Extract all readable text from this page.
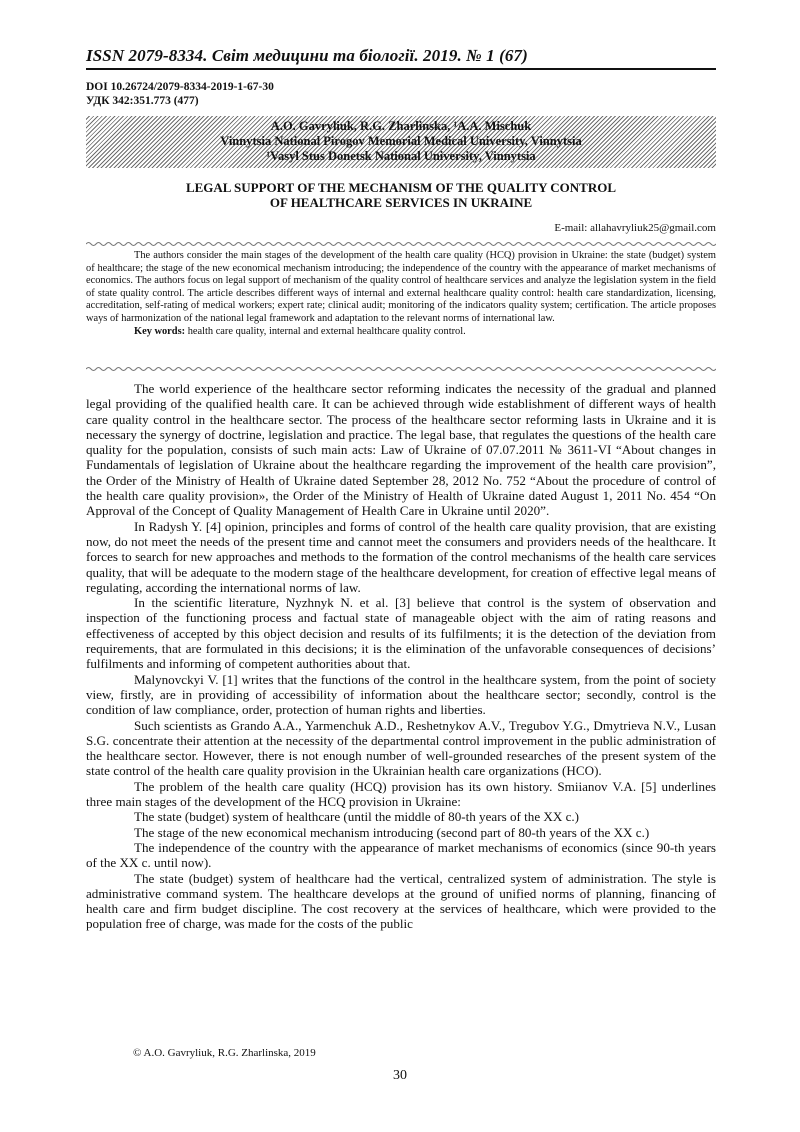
ISSN 2079-8334. Світ медицини та біології. 2019. № 1 (67)
DOI 10.26724/2079-8334-2019-1-67-30
УДК 342:351.773 (477)
A.O. Gavryliuk, R.G. Zharlinska, ¹A.A. Mischuk
Vinnytsia National Pirogov Memorial Medical University, Vinnytsia
¹Vasyl Stus Donetsk National University, Vinnytsia
LEGAL SUPPORT OF THE MECHANISM OF THE QUALITY CONTROL
OF HEALTHCARE SERVICES IN UKRAINE
E-mail: allahavryliuk25@gmail.com

The authors consider the main stages of the development of the health care quality (HCQ) provision in Ukraine: the state (budget) system of healthcare; the stage of the new economical mechanism introducing; the independence of the country with the appearance of market mechanisms of economics. The authors focus on legal support of mechanism of the quality control of healthcare services and analyze the legislation system in the field of state quality control. The article describes different ways of internal and external healthcare quality control: health care standardization, licensing, accreditation, self-rating of medical workers; expert rate; clinical audit; monitoring of the indicators quality system; certification. The article proposes ways of harmonization of the national legal framework and adaptation to the relevant norms of international law.

Key words: health care quality, internal and external healthcare quality control.

The world experience of the healthcare sector reforming indicates the necessity of the gradual and planned legal providing of the qualified health care. It can be achieved through wide establishment of different ways of health care quality control in the healthcare sector. The process of the healthcare sector reforming lasts in Ukraine and it is necessary the synergy of doctrine, legislation and practice. The legal base, that regulates the questions of the health care quality for the population, consists of such main acts: Law of Ukraine of 07.07.2011 № 3611-VI “About changes in Fundamentals of legislation of Ukraine about the healthcare regarding the improvement of the health care provision”, the Order of the Ministry of Health of Ukraine dated September 28, 2012 No. 752 “About the procedure of control of the health care quality provision», the Order of the Ministry of Health of Ukraine dated August 1, 2011 No. 454 “On Approval of the Concept of Quality Management of Health Care in Ukraine until 2020”.

In Radysh Y. [4] opinion, principles and forms of control of the health care quality provision, that are existing now, do not meet the needs of the present time and cannot meet the consumers and providers needs of the healthcare. It forces to search for new approaches and methods to the formation of the control mechanisms of the health care services quality, that will be adequate to the modern stage of the healthcare development, for creation of effective legal means of regulating, according the international norms of law.

In the scientific literature, Nyzhnyk N. et al. [3] believe that control is the system of observation and inspection of the functioning process and factual state of manageable object with the aim of rating reasons and effectiveness of accepted by this object decision and results of its fulfilments; it is the detection of the deviation from requirements, that are formulated in this decisions; it is the elimination of the unfavorable consequences of decisions’ fulfilments and informing of competent authorities about that.

Malynovckyi V. [1] writes that the functions of the control in the healthcare system, from the point of society view, firstly, are in providing of accessibility of information about the healthcare sector; secondly, control is the condition of law compliance, order, protection of human rights and liberties.

Such scientists as Grando A.A., Yarmenchuk A.D., Reshetnykov A.V., Tregubov Y.G., Dmytrieva N.V., Lusan S.G. concentrate their attention at the necessity of the departmental control improvement in the public administration of the healthcare sector. However, there is not enough number of well-grounded researches of the present system of the state control of the health care quality provision in the Ukrainian health care organizations (HCO).

The problem of the health care quality (HCQ) provision has its own history. Smiianov V.A. [5] underlines three main stages of the development of the HCQ provision in Ukraine:

The state (budget) system of healthcare (until the middle of 80-th years of the XX c.)

The stage of the new economical mechanism introducing (second part of 80-th years of the XX c.)

The independence of the country with the appearance of market mechanisms of economics (since 90-th years of the XX c. until now).

The state (budget) system of healthcare had the vertical, centralized system of administration. The style is administrative command system. The healthcare develops at the ground of unified norms of planning, financing of health care and firm budget discipline. The cost recovery at the services of healthcare, which were provided to the population free of charge, was made for the costs of the public

© A.O. Gavryliuk, R.G. Zharlinska, 2019
30
